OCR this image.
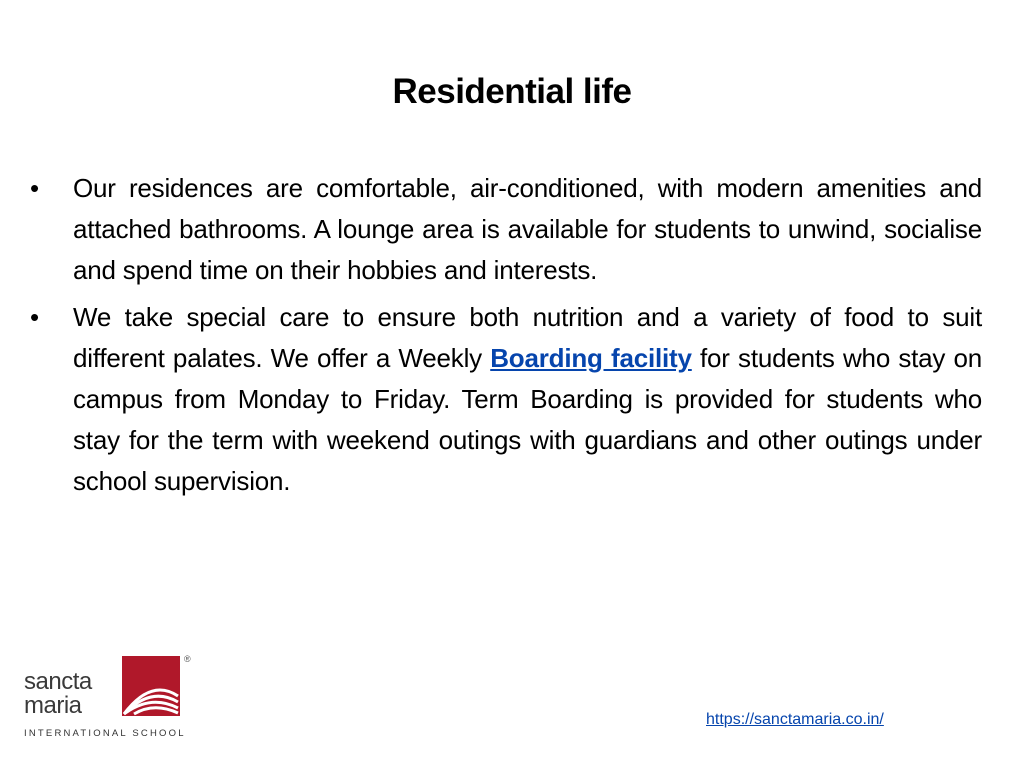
Residential life
•	Our residences are comfortable, air-conditioned, with modern amenities and attached bathrooms. A lounge area is available for students to unwind, socialise and spend time on their hobbies and interests.
•	We take special care to ensure both nutrition and a variety of food to suit different palates. We offer a Weekly Boarding facility for students who stay on campus from Monday to Friday. Term Boarding is provided for students who stay for the term with weekend outings with guardians and other outings under school supervision.
sancta
maria
®
INTERNATIONAL SCHOOL
https://sanctamaria.co.in/
